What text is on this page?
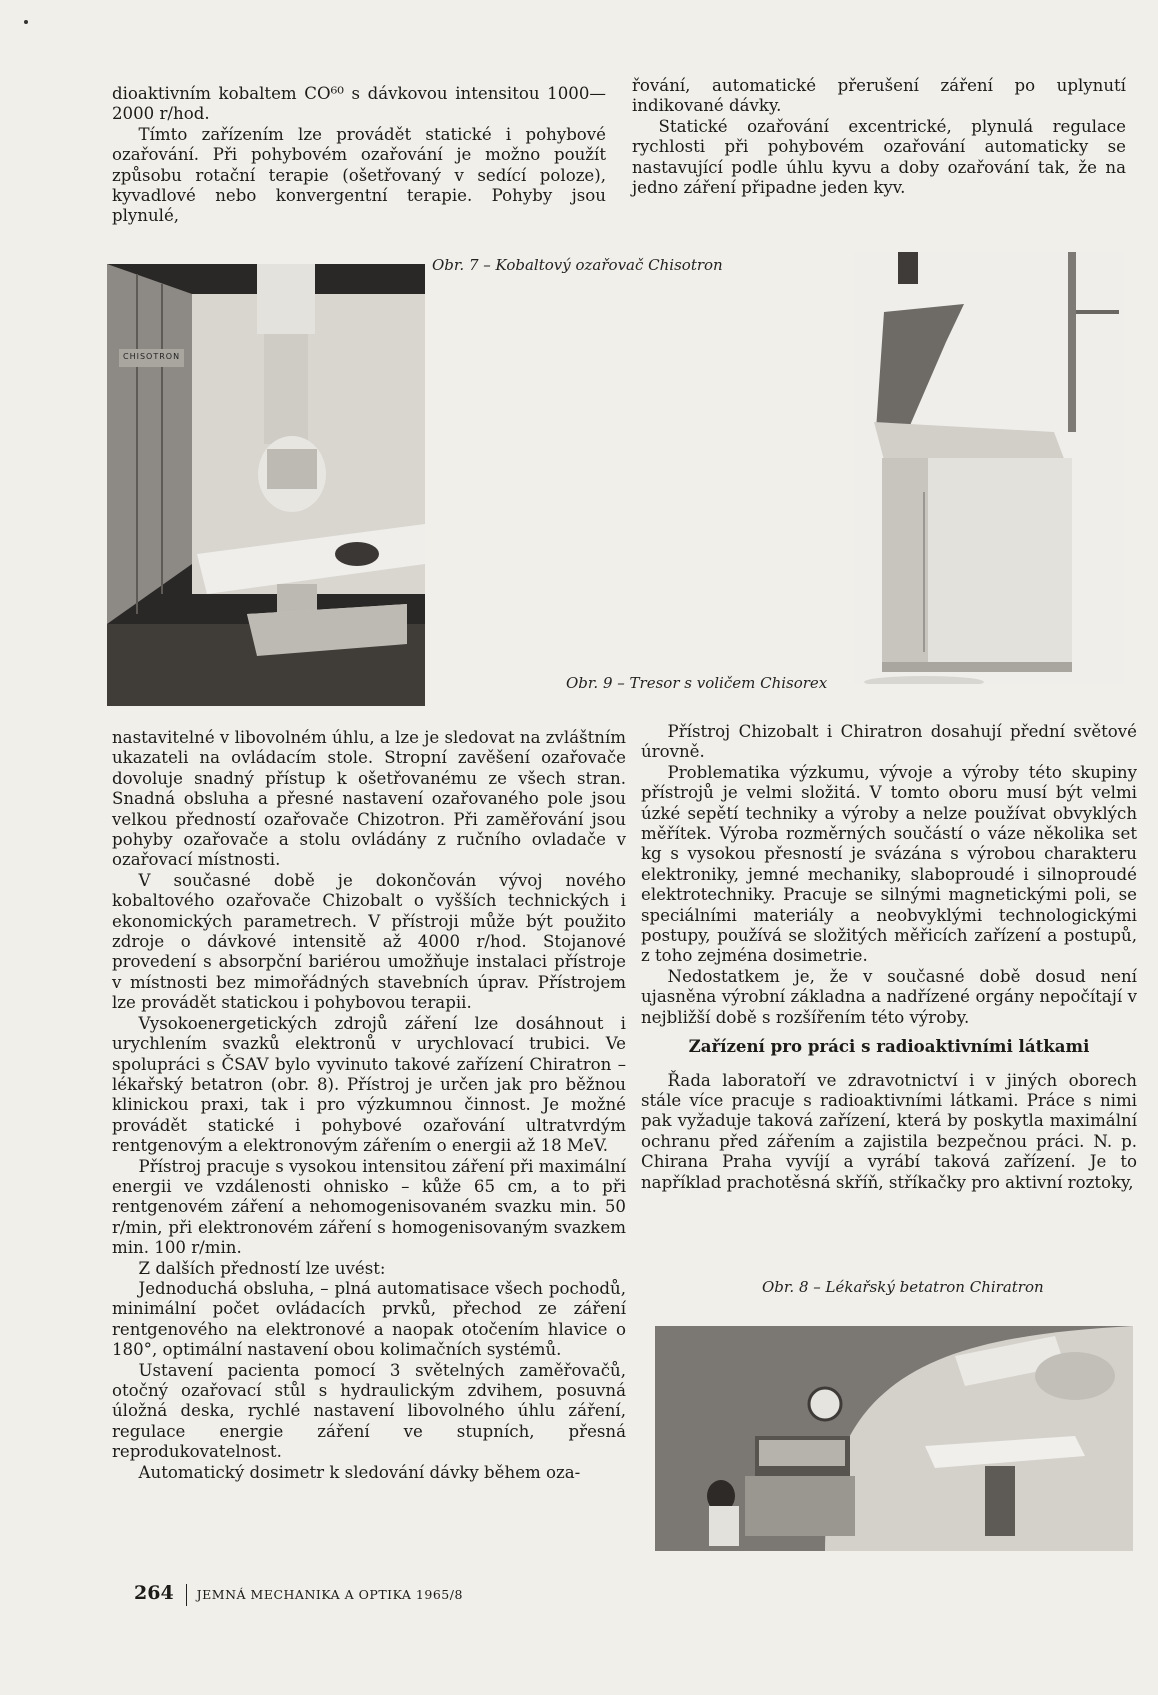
dioaktivním kobaltem CO⁶⁰ s dávkovou intensitou 1000—2000 r/hod.

Tímto zařízením lze provádět statické i pohybové ozařování. Při pohybovém ozařování je možno použít způsobu rotační terapie (ošetřovaný v sedící poloze), kyvadlové nebo konvergentní terapie. Pohyby jsou plynulé,

řování, automatické přerušení záření po uplynutí indikované dávky.

Statické ozařování excentrické, plynulá regulace rychlosti při pohybovém ozařování automaticky se nastavující podle úhlu kyvu a doby ozařování tak, že na jedno záření připadne jeden kyv.

CHISOTRON
Obr. 7 – Kobaltový ozařovač Chisotron
Obr. 9 – Tresor s voličem Chisorex

nastavitelné v libovolném úhlu, a lze je sledovat na zvláštním ukazateli na ovládacím stole. Stropní zavěšení ozařovače dovoluje snadný přístup k ošetřovanému ze všech stran. Snadná obsluha a přesné nastavení ozařovaného pole jsou velkou předností ozařovače Chizotron. Při zaměřování jsou pohyby ozařovače a stolu ovládány z ručního ovladače v ozařovací místnosti.

V současné době je dokončován vývoj nového kobaltového ozařovače Chizobalt o vyšších technických i ekonomických parametrech. V přístroji může být použito zdroje o dávkové intensitě až 4000 r/hod. Stojanové provedení s absorpční bariérou umožňuje instalaci přístroje v místnosti bez mimořádných stavebních úprav. Přístrojem lze provádět statickou i pohybovou terapii.

Vysokoenergetických zdrojů záření lze dosáhnout i urychlením svazků elektronů v urychlovací trubici. Ve spolupráci s ČSAV bylo vyvinuto takové zařízení Chiratron – lékařský betatron (obr. 8). Přístroj je určen jak pro běžnou klinickou praxi, tak i pro výzkumnou činnost. Je možné provádět statické i pohybové ozařování ultratvrdým rentgenovým a elektronovým zářením o energii až 18 MeV.

Přístroj pracuje s vysokou intensitou záření při maximální energii ve vzdálenosti ohnisko – kůže 65 cm, a to při rentgenovém záření a nehomogenisovaném svazku min. 50 r/min, při elektronovém záření s homogenisovaným svazkem min. 100 r/min.

Z dalších předností lze uvést:

Jednoduchá obsluha, – plná automatisace všech pochodů, minimální počet ovládacích prvků, přechod ze záření rentgenového na elektronové a naopak otočením hlavice o 180°, optimální nastavení obou kolimačních systémů.

Ustavení pacienta pomocí 3 světelných zaměřovačů, otočný ozařovací stůl s hydraulickým zdvihem, posuvná úložná deska, rychlé nastavení libovolného úhlu záření, regulace energie záření ve stupních, přesná reprodukovatelnost.

Automatický dosimetr k sledování dávky během oza-

Přístroj Chizobalt i Chiratron dosahují přední světové úrovně.

Problematika výzkumu, vývoje a výroby této skupiny přístrojů je velmi složitá. V tomto oboru musí být velmi úzké sepětí techniky a výroby a nelze používat obvyklých měřítek. Výroba rozměrných součástí o váze několika set kg s vysokou přesností je svázána s výrobou charakteru elektroniky, jemné mechaniky, slaboproudé i silnoproudé elektrotechniky. Pracuje se silnými magnetickými poli, se speciálními materiály a neobvyklými technologickými postupy, používá se složitých měřicích zařízení a postupů, z toho zejména dosimetrie.

Nedostatkem je, že v současné době dosud není ujasněna výrobní základna a nadřízené orgány nepočítají v nejbližší době s rozšířením této výroby.

Zařízení pro práci s radioaktivními látkami

Řada laboratoří ve zdravotnictví i v jiných oborech stále více pracuje s radioaktivními látkami. Práce s nimi pak vyžaduje taková zařízení, která by poskytla maximální ochranu před zářením a zajistila bezpečnou práci. N. p. Chirana Praha vyvíjí a vyrábí taková zařízení. Je to například prachotěsná skříň, stříkačky pro aktivní roztoky,

Obr. 8 – Lékařský betatron Chiratron
264 JEMNÁ MECHANIKA A OPTIKA 1965/8
